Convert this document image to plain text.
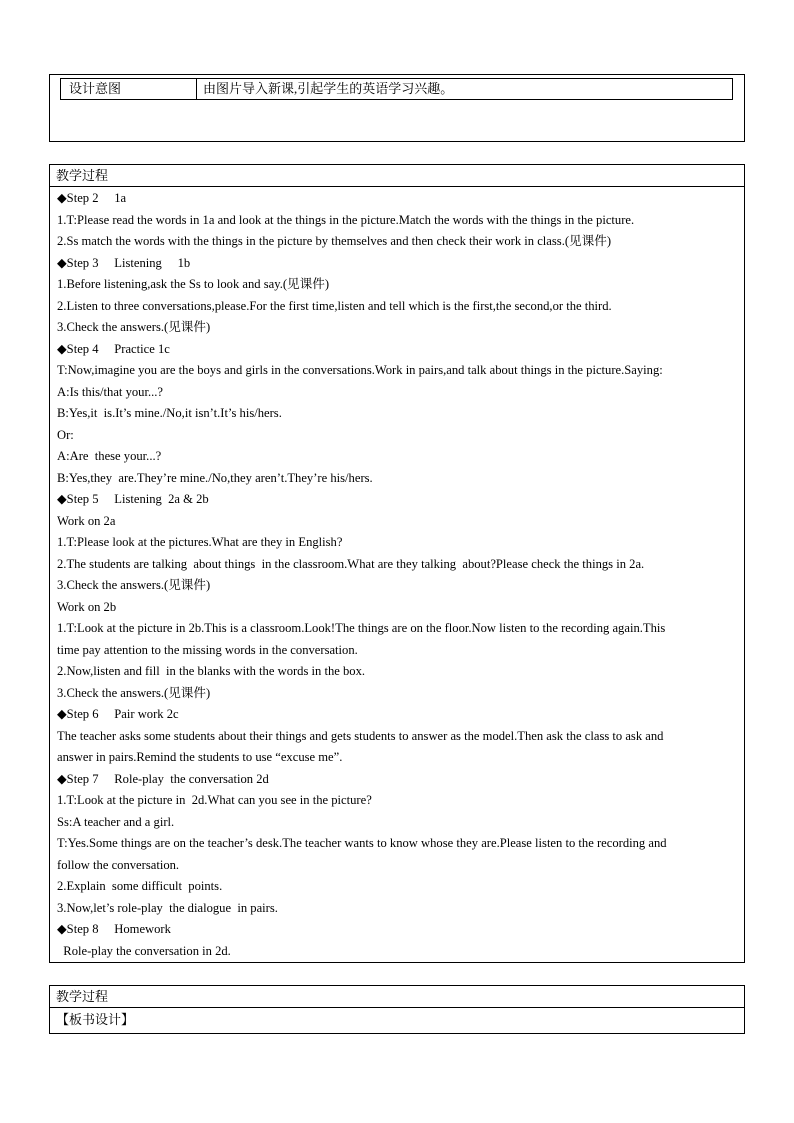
设计意图	由图片导入新课,引起学生的英语学习兴趣。
教学过程
◆Step 2     1a
1.T:Please read the words in 1a and look at the things in the picture.Match the words with the things in the picture.
2.Ss match the words with the things in the picture by themselves and then check their work in class.(见课件)
◆Step 3     Listening     1b
1.Before listening,ask the Ss to look and say.(见课件)
2.Listen to three conversations,please.For the first time,listen and tell which is the first,the second,or the third.
3.Check the answers.(见课件)
◆Step 4     Practice 1c
T:Now,imagine you are the boys and girls in the conversations.Work in pairs,and talk about things in the picture.Saying:
A:Is this/that your...?
B:Yes,it  is.It’s mine./No,it isn’t.It’s his/hers.
Or:
A:Are  these your...?
B:Yes,they  are.They’re mine./No,they aren’t.They’re his/hers.
◆Step 5     Listening  2a & 2b
Work on 2a
1.T:Please look at the pictures.What are they in English?
2.The students are talking  about things  in the classroom.What are they talking  about?Please check the things in 2a.
3.Check the answers.(见课件)
Work on 2b
1.T:Look at the picture in 2b.This is a classroom.Look!The things are on the floor.Now listen to the recording again.This
time pay attention to the missing words in the conversation.
2.Now,listen and fill  in the blanks with the words in the box.
3.Check the answers.(见课件)
◆Step 6     Pair work 2c
The teacher asks some students about their things and gets students to answer as the model.Then ask the class to ask and
answer in pairs.Remind the students to use “excuse me”.
◆Step 7     Role-play  the conversation 2d
1.T:Look at the picture in  2d.What can you see in the picture?
Ss:A teacher and a girl.
T:Yes.Some things are on the teacher’s desk.The teacher wants to know whose they are.Please listen to the recording and
follow the conversation.
2.Explain  some difficult  points.
3.Now,let’s role-play  the dialogue  in pairs.
◆Step 8     Homework
Role-play the conversation in 2d.
教学过程
【板书设计】
